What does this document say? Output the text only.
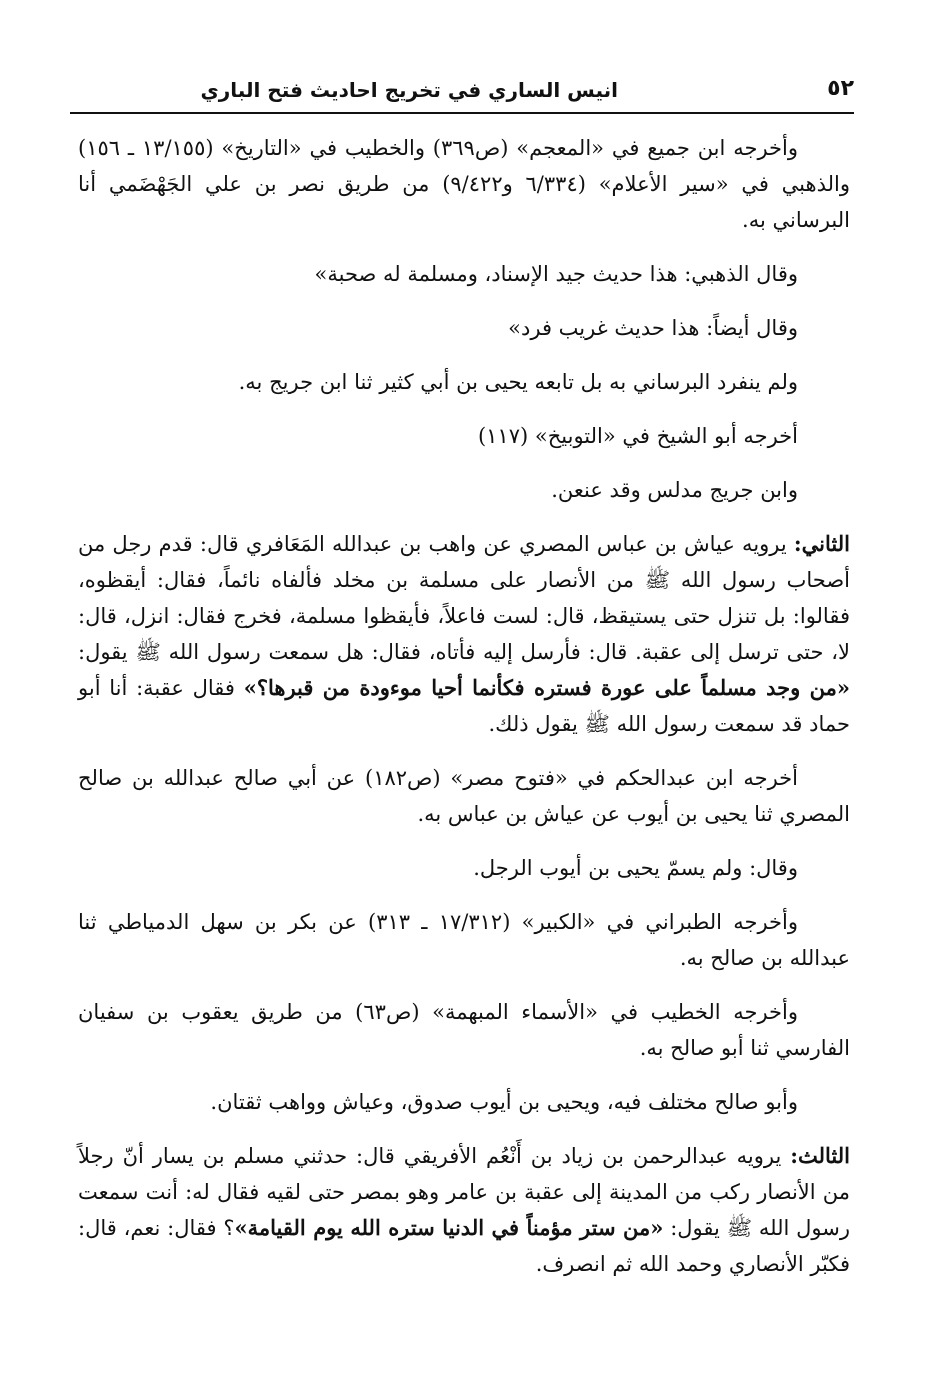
٥٢
انيس الساري في تخريج احاديث فتح الباري

وأخرجه ابن جميع في «المعجم» (ص٣٦٩) والخطيب في «التاريخ» (١٣/١٥٥ ـ ١٥٦) والذهبي في «سير الأعلام» (٦/٣٣٤ و٩/٤٢٢) من طريق نصر بن علي الجَهْضَمي أنا البرساني به.

وقال الذهبي: هذا حديث جيد الإسناد، ومسلمة له صحبة»

وقال أيضاً: هذا حديث غريب فرد»

ولم ينفرد البرساني به بل تابعه يحيى بن أبي كثير ثنا ابن جريج به.

أخرجه أبو الشيخ في «التوبيخ» (١١٧)

وابن جريج مدلس وقد عنعن.

الثاني: يرويه عياش بن عباس المصري عن واهب بن عبدالله المَعَافري قال: قدم رجل من أصحاب رسول الله ﷺ من الأنصار على مسلمة بن مخلد فألفاه نائماً، فقال: أيقظوه، فقالوا: بل تنزل حتى يستيقظ، قال: لست فاعلاً، فأيقظوا مسلمة، فخرج فقال: انزل، قال: لا، حتى ترسل إلى عقبة. قال: فأرسل إليه فأتاه، فقال: هل سمعت رسول الله ﷺ يقول: «من وجد مسلماً على عورة فستره فكأنما أحيا موءودة من قبرها؟» فقال عقبة: أنا أبو حماد قد سمعت رسول الله ﷺ يقول ذلك.

أخرجه ابن عبدالحكم في «فتوح مصر» (ص١٨٢) عن أبي صالح عبدالله بن صالح المصري ثنا يحيى بن أيوب عن عياش بن عباس به.

وقال: ولم يسمّ يحيى بن أيوب الرجل.

وأخرجه الطبراني في «الكبير» (١٧/٣١٢ ـ ٣١٣) عن بكر بن سهل الدمياطي ثنا عبدالله بن صالح به.

وأخرجه الخطيب في «الأسماء المبهمة» (ص٦٣) من طريق يعقوب بن سفيان الفارسي ثنا أبو صالح به.

وأبو صالح مختلف فيه، ويحيى بن أيوب صدوق، وعياش وواهب ثقتان.

الثالث: يرويه عبدالرحمن بن زياد بن أَنْعُم الأفريقي قال: حدثني مسلم بن يسار أنّ رجلاً من الأنصار ركب من المدينة إلى عقبة بن عامر وهو بمصر حتى لقيه فقال له: أنت سمعت رسول الله ﷺ يقول: «من ستر مؤمناً في الدنيا ستره الله يوم القيامة»؟ فقال: نعم، قال: فكبّر الأنصاري وحمد الله ثم انصرف.
